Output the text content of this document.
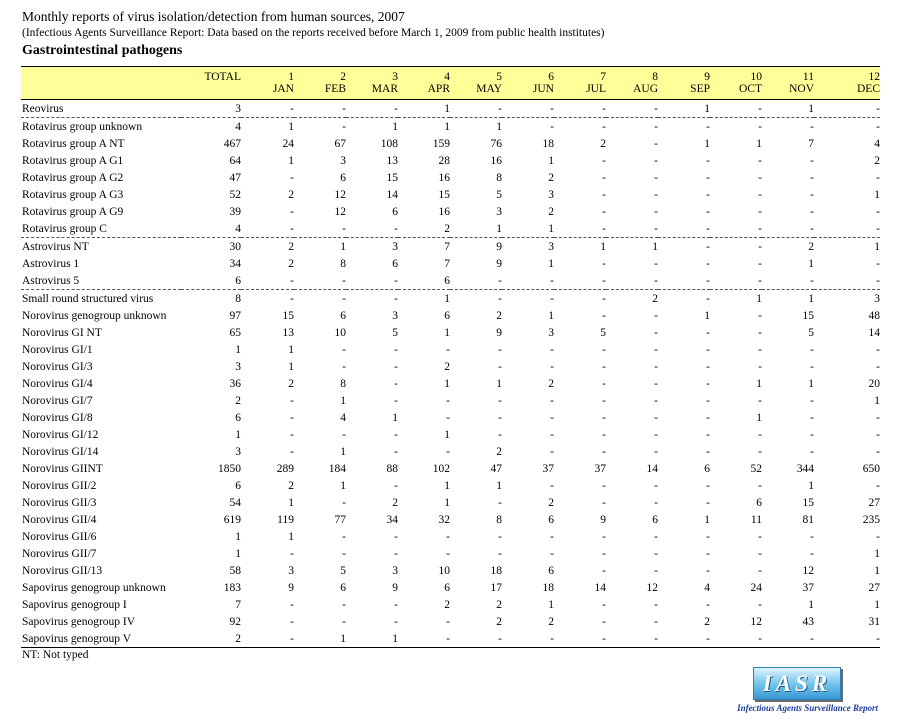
Monthly reports of virus isolation/detection from human sources, 2007
(Infectious Agents Surveillance Report: Data based on the reports received before March 1, 2009 from public health institutes)
Gastrointestinal pathogens
	TOTAL	1	2	3	4	5	6	7	8	9	10	11	12
		JAN	FEB	MAR	APR	MAY	JUN	JUL	AUG	SEP	OCT	NOV	DEC
Reovirus	3	-	-	-	1	-	-	-	-	1	-	1	-
Rotavirus group unknown	4	1	-	1	1	1	-	-	-	-	-	-	-
Rotavirus group A NT	467	24	67	108	159	76	18	2	-	1	1	7	4
Rotavirus group A G1	64	1	3	13	28	16	1	-	-	-	-	-	2
Rotavirus group A G2	47	-	6	15	16	8	2	-	-	-	-	-	-
Rotavirus group A G3	52	2	12	14	15	5	3	-	-	-	-	-	1
Rotavirus group A G9	39	-	12	6	16	3	2	-	-	-	-	-	-
Rotavirus group C	4	-	-	-	2	1	1	-	-	-	-	-	-
Astrovirus NT	30	2	1	3	7	9	3	1	1	-	-	2	1
Astrovirus 1	34	2	8	6	7	9	1	-	-	-	-	1	-
Astrovirus 5	6	-	-	-	6	-	-	-	-	-	-	-	-
Small round structured virus	8	-	-	-	1	-	-	-	2	-	1	1	3
Norovirus genogroup unknown	97	15	6	3	6	2	1	-	-	1	-	15	48
Norovirus GI NT	65	13	10	5	1	9	3	5	-	-	-	5	14
Norovirus GI/1	1	1	-	-	-	-	-	-	-	-	-	-	-
Norovirus GI/3	3	1	-	-	2	-	-	-	-	-	-	-	-
Norovirus GI/4	36	2	8	-	1	1	2	-	-	-	1	1	20
Norovirus GI/7	2	-	1	-	-	-	-	-	-	-	-	-	1
Norovirus GI/8	6	-	4	1	-	-	-	-	-	-	1	-	-
Norovirus GI/12	1	-	-	-	1	-	-	-	-	-	-	-	-
Norovirus GI/14	3	-	1	-	-	2	-	-	-	-	-	-	-
Norovirus GIINT	1850	289	184	88	102	47	37	37	14	6	52	344	650
Norovirus GII/2	6	2	1	-	1	1	-	-	-	-	-	1	-
Norovirus GII/3	54	1	-	2	1	-	2	-	-	-	6	15	27
Norovirus GII/4	619	119	77	34	32	8	6	9	6	1	11	81	235
Norovirus GII/6	1	1	-	-	-	-	-	-	-	-	-	-	-
Norovirus GII/7	1	-	-	-	-	-	-	-	-	-	-	-	1
Norovirus GII/13	58	3	5	3	10	18	6	-	-	-	-	12	1
Sapovirus genogroup unknown	183	9	6	9	6	17	18	14	12	4	24	37	27
Sapovirus genogroup I	7	-	-	-	2	2	1	-	-	-	-	1	1
Sapovirus genogroup IV	92	-	-	-	-	2	2	-	-	2	12	43	31
Sapovirus genogroup V	2	-	1	1	-	-	-	-	-	-	-	-	-
NT: Not typed
IASR
Infectious Agents Surveillance Report
